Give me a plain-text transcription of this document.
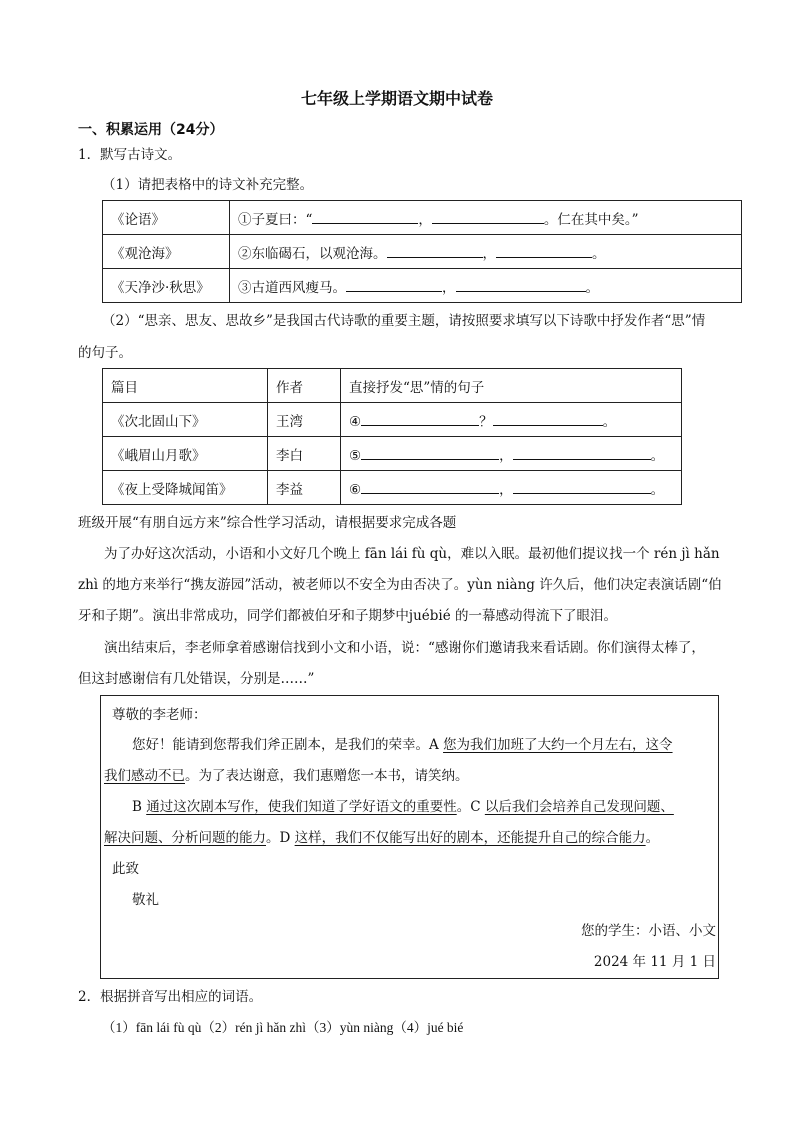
七年级上学期语文期中试卷
一、积累运用（24分）
1．默写古诗文。
（1）请把表格中的诗文补充完整。
《论语》	①子夏曰：“ ， 。仁在其中矣。”
《观沧海》	②东临碣石，以观沧海。 ， 。
《天净沙·秋思》	③古道西风瘦马。 ， 。
（2）“思亲、思友、思故乡”是我国古代诗歌的重要主题，请按照要求填写以下诗歌中抒发作者“思”情
的句子。
篇目	作者	直接抒发“思”情的句子
《次北固山下》	王湾	④ ？ 。
《峨眉山月歌》	李白	⑤ ， 。
《夜上受降城闻笛》	李益	⑥ ， 。
班级开展“有朋自远方来”综合性学习活动，请根据要求完成各题
为了办好这次活动，小语和小文好几个晚上 fān lái fù qù，难以入眠。最初他们提议找一个 rén jì hǎn
zhì 的地方来举行“携友游园”活动，被老师以不安全为由否决了。yùn niàng 许久后，他们决定表演话剧“伯
牙和子期”。演出非常成功，同学们都被伯牙和子期梦中juébié 的一幕感动得流下了眼泪。
演出结束后，李老师拿着感谢信找到小文和小语，说：“感谢你们邀请我来看话剧。你们演得太棒了，
但这封感谢信有几处错误，分别是……”
尊敬的李老师：
您好！能请到您帮我们斧正剧本，是我们的荣幸。A 您为我们加班了大约一个月左右，这令
我们感动不已。为了表达谢意，我们惠赠您一本书，请笑纳。
B 通过这次剧本写作，使我们知道了学好语文的重要性。C 以后我们会培养自己发现问题、
解决问题、分析问题的能力。D 这样，我们不仅能写出好的剧本，还能提升自己的综合能力。
此致
敬礼
您的学生：小语、小文
2024 年 11 月 1 日
2．根据拼音写出相应的词语。
（1）fān lái fù qù（2）rén jì hǎn zhì（3）yùn niàng（4）jué bié
